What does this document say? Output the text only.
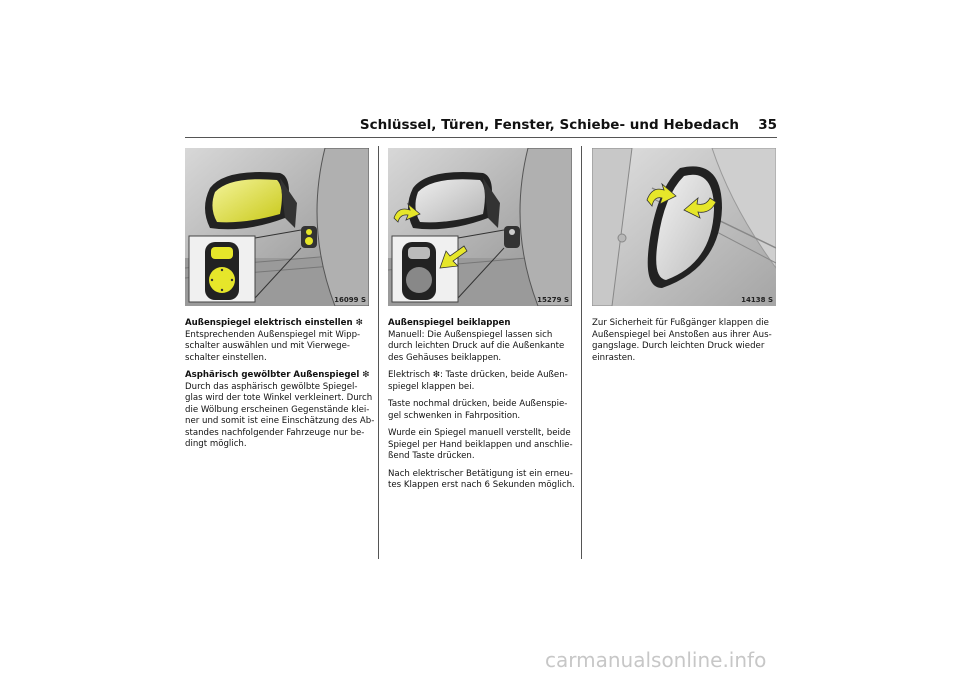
Schlüssel, Türen, Fenster, Schiebe- und Hebedach 35
16099 S	15279 S	14138 S

Außenspiegel elektrisch einstellen ❇
Entsprechenden Außenspiegel mit Wipp-
schalter auswählen und mit Vierwege-
schalter einstellen.

Asphärisch gewölbter Außenspiegel ❇
Durch das asphärisch gewölbte Spiegel-
glas wird der tote Winkel verkleinert. Durch
die Wölbung erscheinen Gegenstände klei-
ner und somit ist eine Einschätzung des Ab-
standes nachfolgender Fahrzeuge nur be-
dingt möglich.

Außenspiegel beiklappen
Manuell: Die Außenspiegel lassen sich
durch leichten Druck auf die Außenkante
des Gehäuses beiklappen.

Elektrisch ❇: Taste drücken, beide Außen-
spiegel klappen bei.

Taste nochmal drücken, beide Außenspie-
gel schwenken in Fahrposition.

Wurde ein Spiegel manuell verstellt, beide
Spiegel per Hand beiklappen und anschlie-
ßend Taste drücken.

Nach elektrischer Betätigung ist ein erneu-
tes Klappen erst nach 6 Sekunden möglich.

Zur Sicherheit für Fußgänger klappen die
Außenspiegel bei Anstoßen aus ihrer Aus-
gangslage. Durch leichten Druck wieder
einrasten.

carmanualsonline.info
